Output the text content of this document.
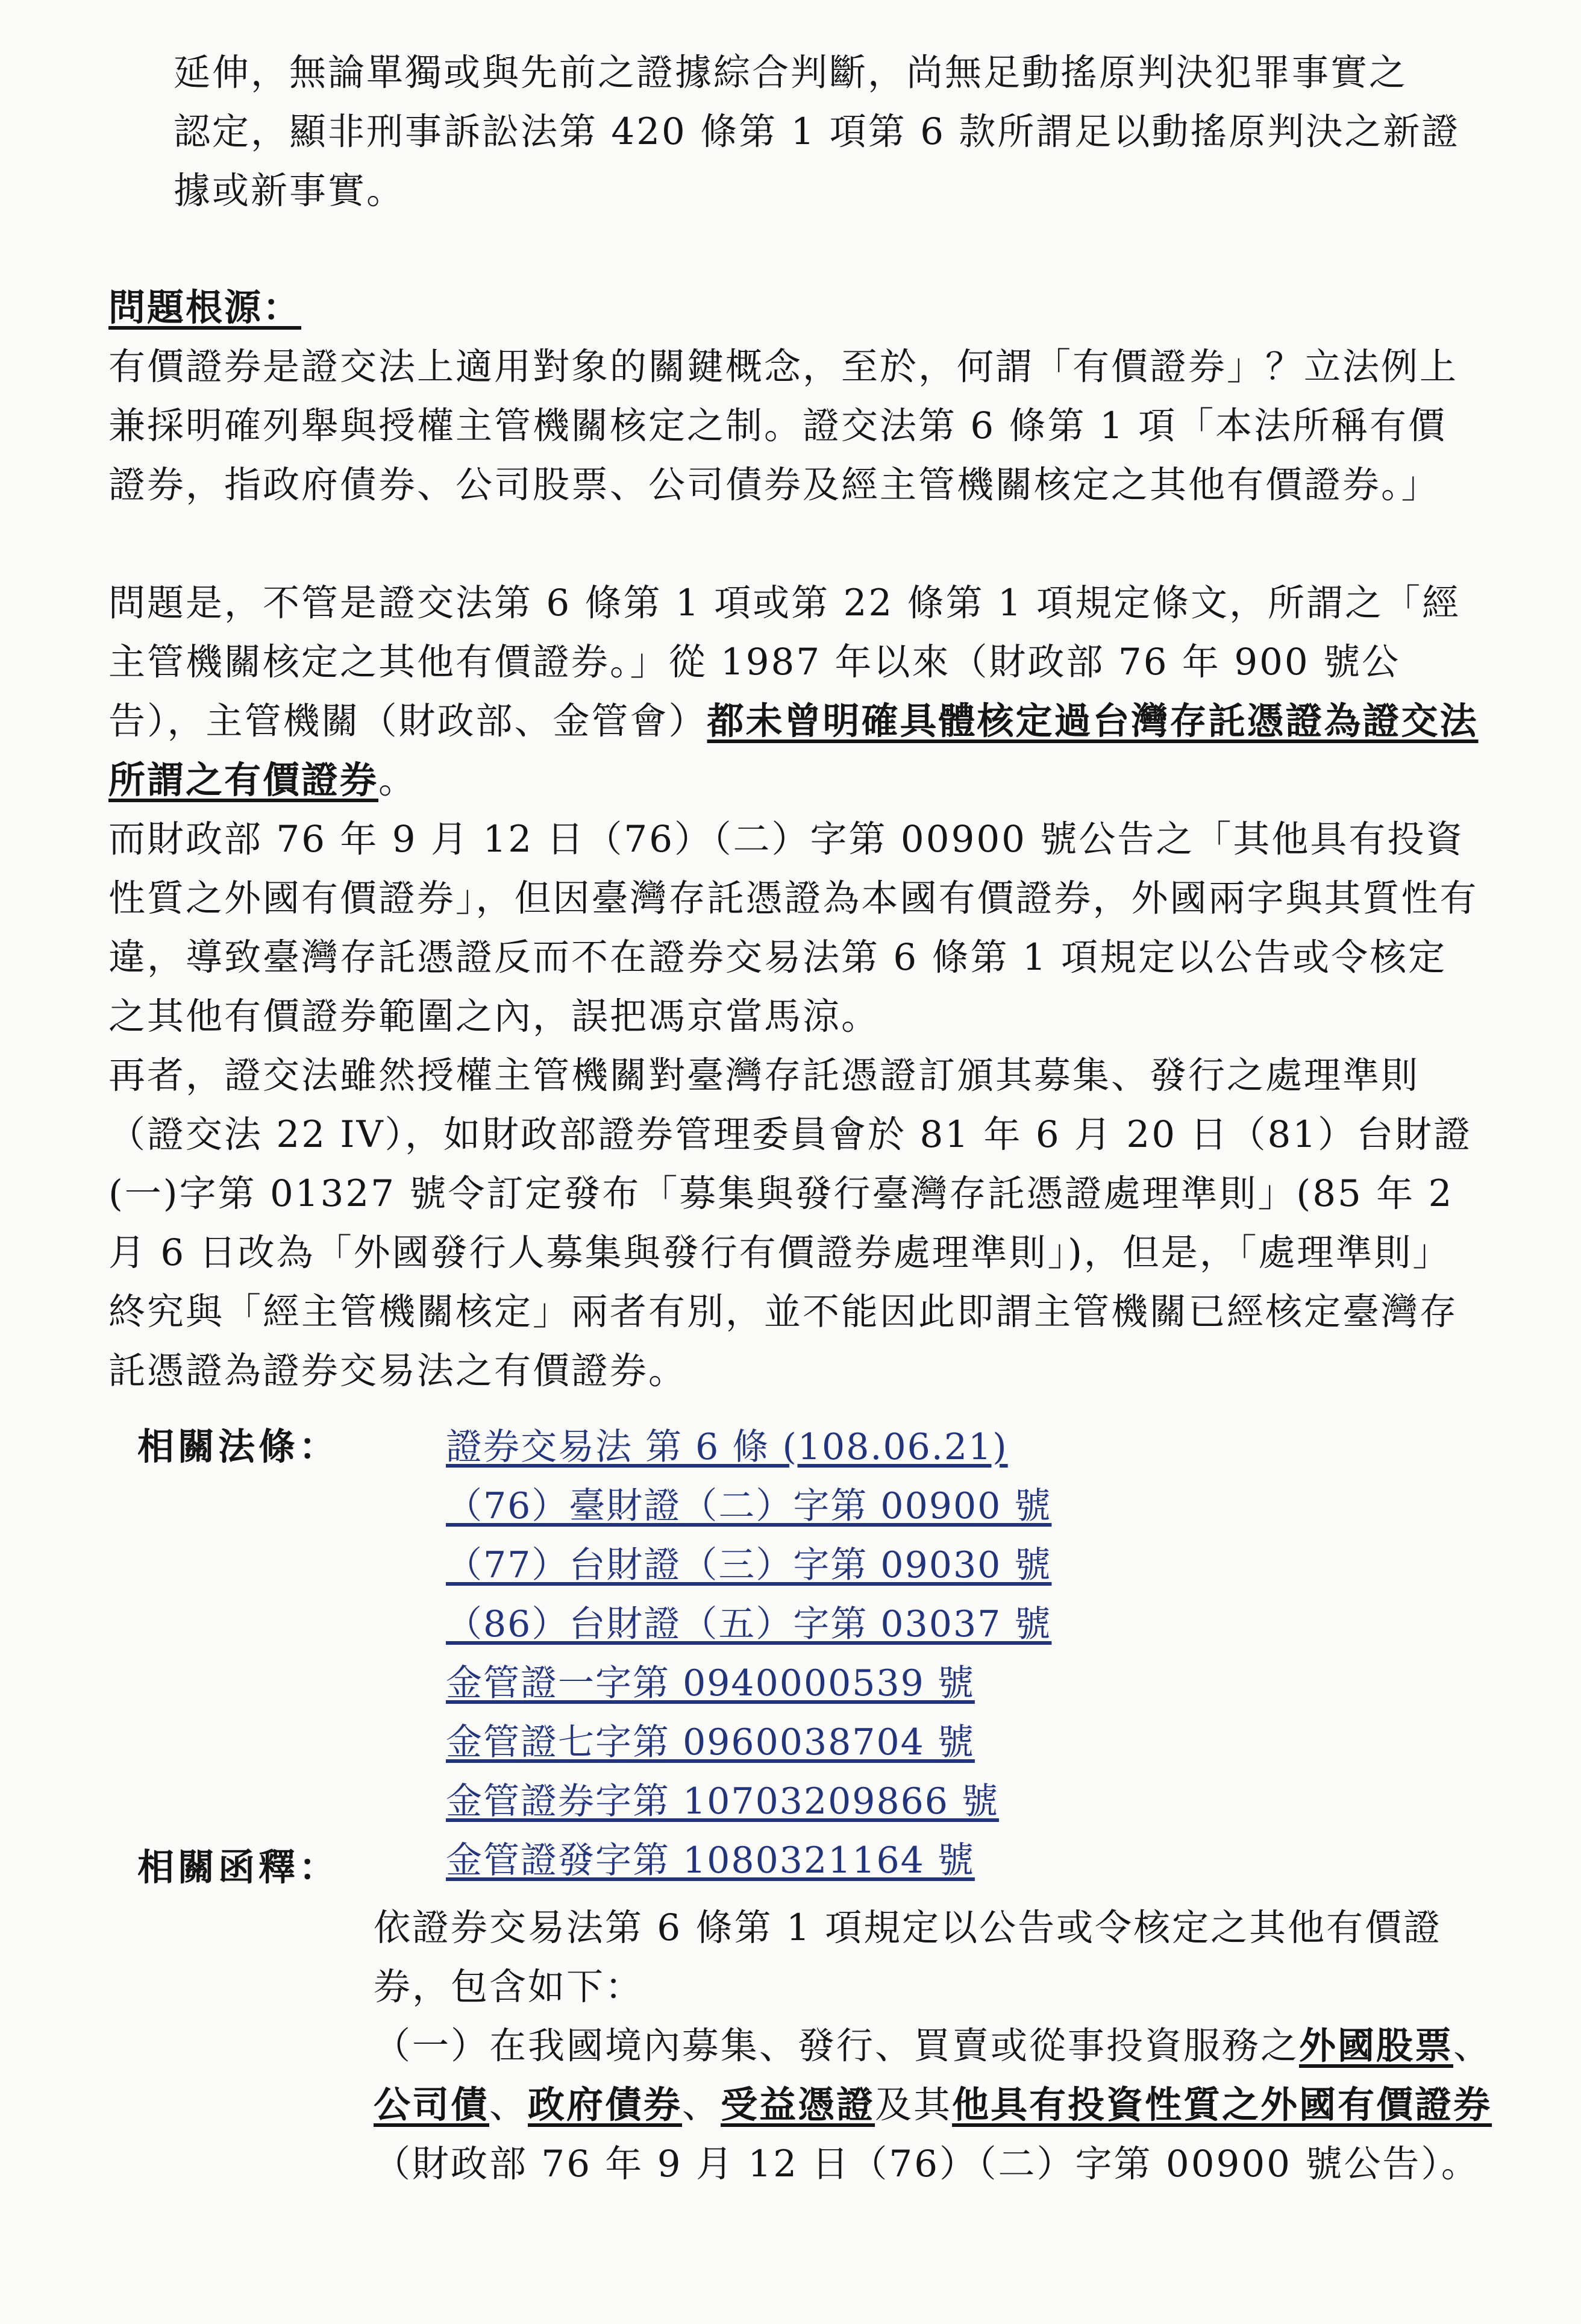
延伸，無論單獨或與先前之證據綜合判斷，尚無足動搖原判決犯罪事實之
認定，顯非刑事訴訟法第 420 條第 1 項第 6 款所謂足以動搖原判決之新證
據或新事實。

問題根源：

有價證券是證交法上適用對象的關鍵概念，至於，何謂「有價證券」？立法例上兼採明確列舉與授權主管機關核定之制。證交法第 6 條第 1 項「本法所稱有價證券，指政府債券、公司股票、公司債券及經主管機關核定之其他有價證券。」

問題是，不管是證交法第 6 條第 1 項或第 22 條第 1 項規定條文，所謂之「經主管機關核定之其他有價證券。」從 1987 年以來（財政部 76 年 900 號公告），主管機關（財政部、金管會）都未曾明確具體核定過台灣存託憑證為證交法所謂之有價證券。

而財政部 76 年 9 月 12 日（76）（二）字第 00900 號公告之「其他具有投資性質之外國有價證券」，但因臺灣存託憑證為本國有價證券，外國兩字與其質性有違，導致臺灣存託憑證反而不在證券交易法第 6 條第 1 項規定以公告或令核定之其他有價證券範圍之內，誤把馮京當馬涼。

再者，證交法雖然授權主管機關對臺灣存託憑證訂頒其募集、發行之處理準則（證交法 22 IV），如財政部證券管理委員會於 81 年 6 月 20 日（81）台財證(一)字第 01327 號令訂定發布「募集與發行臺灣存託憑證處理準則」(85 年 2 月 6 日改為「外國發行人募集與發行有價證券處理準則」)，但是，「處理準則」終究與「經主管機關核定」兩者有別，並不能因此即謂主管機關已經核定臺灣存託憑證為證券交易法之有價證券。

相關法條：	證券交易法 第 6 條 (108.06.21)
（76）臺財證（二）字第 00900 號
（77）台財證（三）字第 09030 號
（86）台財證（五）字第 03037 號
金管證一字第 0940000539 號
金管證七字第 0960038704 號
金管證券字第 10703209866 號
金管證發字第 1080321164 號

相關函釋：

依證券交易法第 6 條第 1 項規定以公告或令核定之其他有價證券，包含如下：

（一）在我國境內募集、發行、買賣或從事投資服務之外國股票、公司債、政府債券、受益憑證及其他具有投資性質之外國有價證券（財政部 76 年 9 月 12 日（76）（二）字第 00900 號公告）。
